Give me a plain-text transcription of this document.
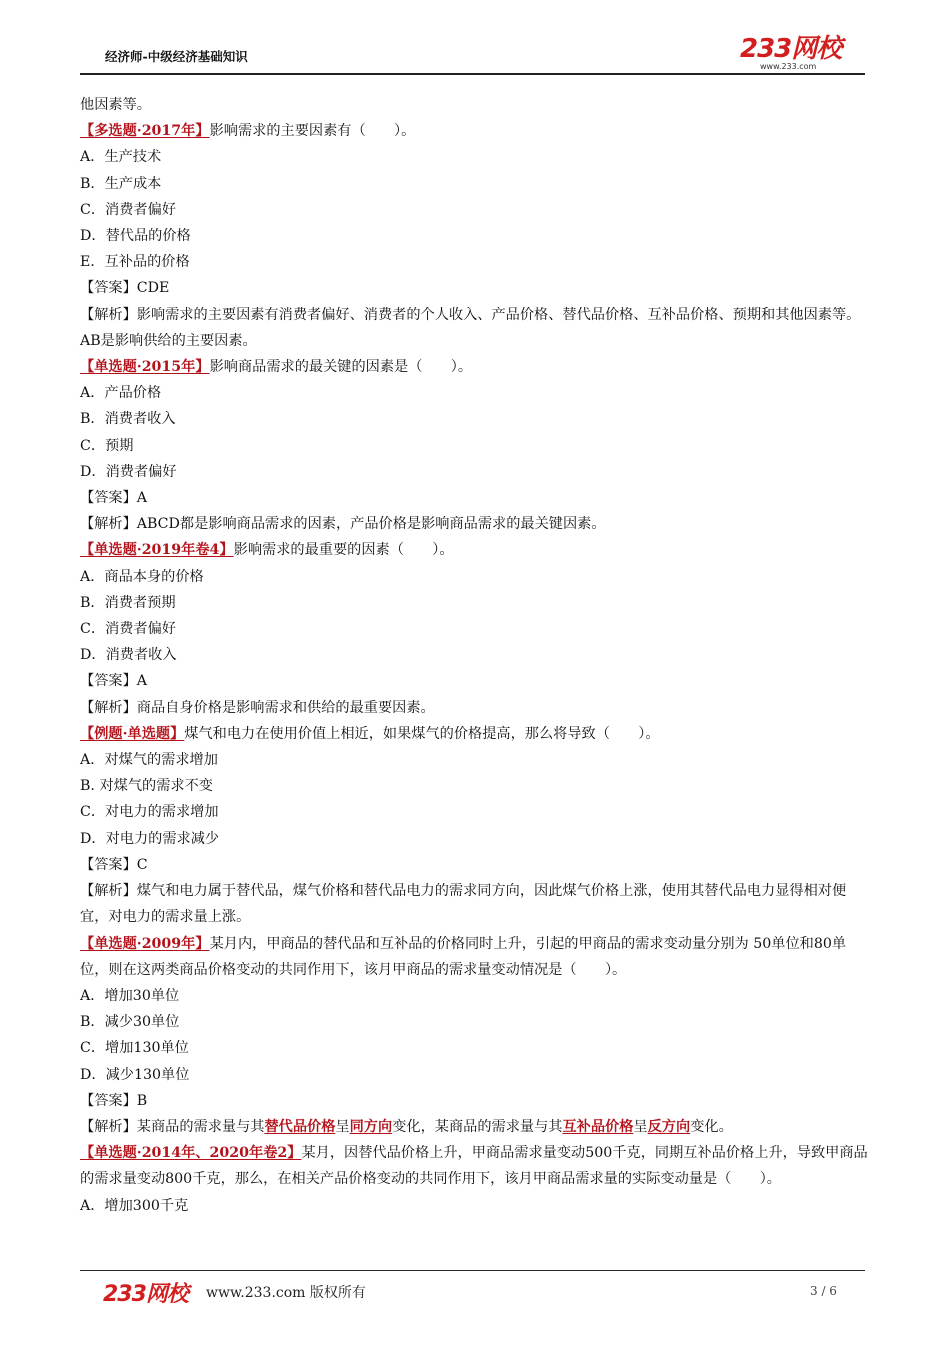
经济师-中级经济基础知识	233网校
www.233.com
他因素等。
【多选题·2017年】影响需求的主要因素有（　　）。
A．生产技术
B．生产成本
C．消费者偏好
D．替代品的价格
E．互补品的价格
【答案】CDE
【解析】影响需求的主要因素有消费者偏好、消费者的个人收入、产品价格、替代品价格、互补品价格、预期和其他因素等。AB是影响供给的主要因素。
【单选题·2015年】影响商品需求的最关键的因素是（　　）。
A．产品价格
B．消费者收入
C．预期
D．消费者偏好
【答案】A
【解析】ABCD都是影响商品需求的因素，产品价格是影响商品需求的最关键因素。
【单选题·2019年卷4】影响需求的最重要的因素（　　）。
A．商品本身的价格
B．消费者预期
C．消费者偏好
D．消费者收入
【答案】A
【解析】商品自身价格是影响需求和供给的最重要因素。
【例题·单选题】煤气和电力在使用价值上相近，如果煤气的价格提高，那么将导致（　　）。
A．对煤气的需求增加
B. 对煤气的需求不变
C．对电力的需求增加
D．对电力的需求减少
【答案】C
【解析】煤气和电力属于替代品，煤气价格和替代品电力的需求同方向，因此煤气价格上涨，使用其替代品电力显得相对便宜，对电力的需求量上涨。
【单选题·2009年】某月内，甲商品的替代品和互补品的价格同时上升，引起的甲商品的需求变动量分别为 50单位和80单位，则在这两类商品价格变动的共同作用下，该月甲商品的需求量变动情况是（　　）。
A．增加30单位
B．减少30单位
C．增加130单位
D．减少130单位
【答案】B
【解析】某商品的需求量与其替代品价格呈同方向变化，某商品的需求量与其互补品价格呈反方向变化。
【单选题·2014年、2020年卷2】某月，因替代品价格上升，甲商品需求量变动500千克，同期互补品价格上升，导致甲商品的需求量变动800千克，那么，在相关产品价格变动的共同作用下，该月甲商品需求量的实际变动量是（　　）。
A．增加300千克
233网校 www.233.com 版权所有	3 / 6
